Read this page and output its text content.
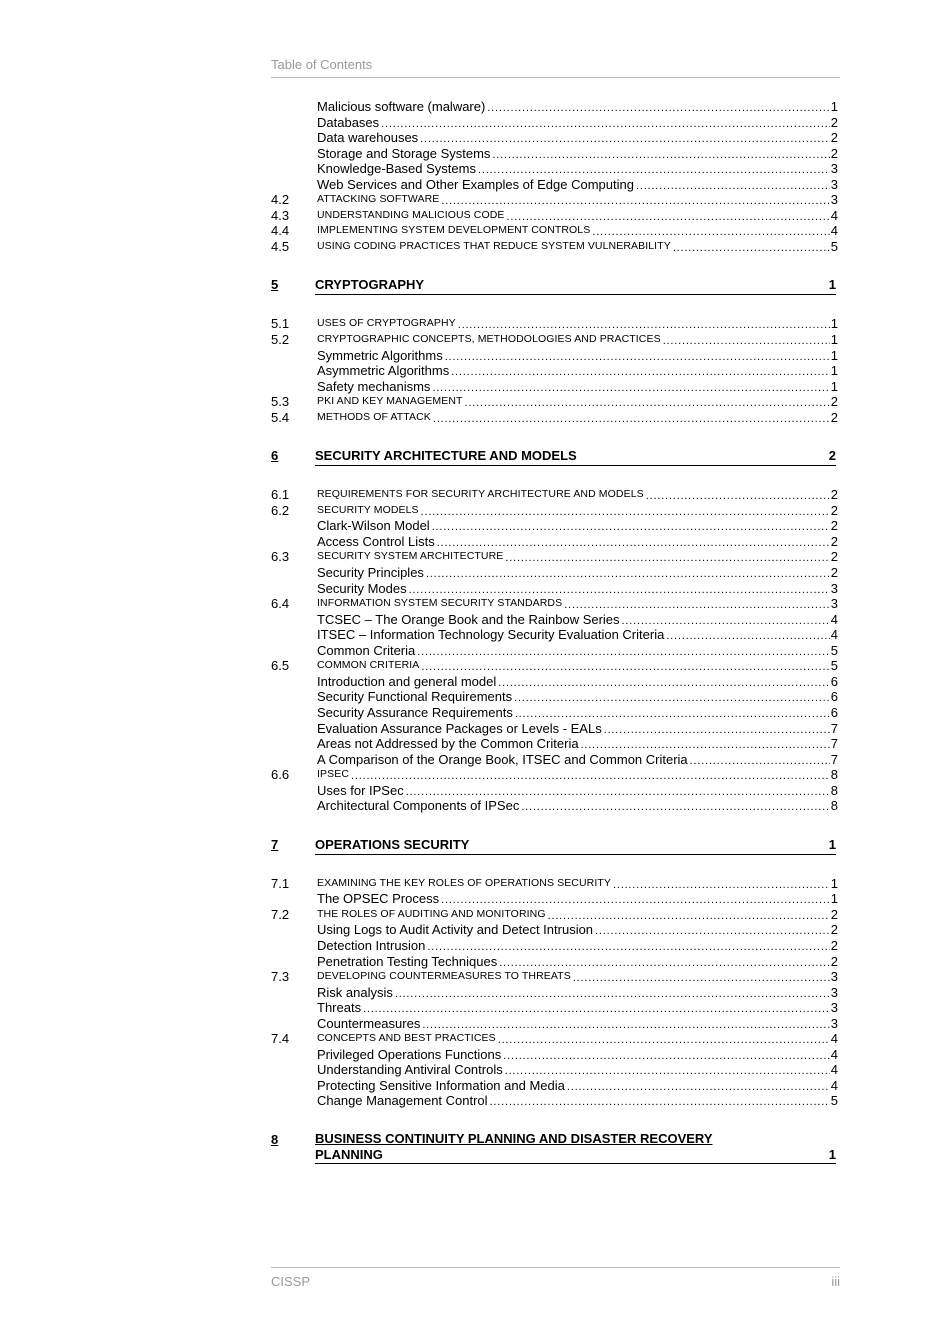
Table of Contents
Malicious software (malware) .....	1
Databases .....	2
Data warehouses .....	2
Storage and Storage Systems .....	2
Knowledge-Based Systems .....	3
Web Services and Other Examples of Edge Computing .....	3
4.2	ATTACKING SOFTWARE .....	3
4.3	UNDERSTANDING MALICIOUS CODE .....	4
4.4	IMPLEMENTING SYSTEM DEVELOPMENT CONTROLS .....	4
4.5	USING CODING PRACTICES THAT REDUCE SYSTEM VULNERABILITY .....	5
5	CRYPTOGRAPHY	1
5.1	USES OF CRYPTOGRAPHY .....	1
5.2	CRYPTOGRAPHIC CONCEPTS, METHODOLOGIES AND PRACTICES .....	1
Symmetric Algorithms .....	1
Asymmetric Algorithms .....	1
Safety mechanisms .....	1
5.3	PKI AND KEY MANAGEMENT .....	2
5.4	METHODS OF ATTACK .....	2
6	SECURITY ARCHITECTURE AND MODELS	2
6.1	REQUIREMENTS FOR SECURITY ARCHITECTURE AND MODELS .....	2
6.2	SECURITY MODELS .....	2
Clark-Wilson Model .....	2
Access Control Lists .....	2
6.3	SECURITY SYSTEM ARCHITECTURE .....	2
Security Principles .....	2
Security Modes .....	3
6.4	INFORMATION SYSTEM SECURITY STANDARDS .....	3
TCSEC – The Orange Book and the Rainbow Series .....	4
ITSEC – Information Technology Security Evaluation Criteria .....	4
Common Criteria .....	5
6.5	COMMON CRITERIA .....	5
Introduction and general model .....	6
Security Functional Requirements .....	6
Security Assurance Requirements .....	6
Evaluation Assurance Packages or Levels - EALs .....	7
Areas not Addressed by the Common Criteria .....	7
A Comparison of the Orange Book, ITSEC and Common Criteria .....	7
6.6	IPSEC .....	8
Uses for IPSec .....	8
Architectural Components of IPSec .....	8
7	OPERATIONS SECURITY	1
7.1	EXAMINING THE KEY ROLES OF OPERATIONS SECURITY .....	1
The OPSEC Process .....	1
7.2	THE ROLES OF AUDITING AND MONITORING .....	2
Using Logs to Audit Activity and Detect Intrusion .....	2
Detection Intrusion .....	2
Penetration Testing Techniques .....	2
7.3	DEVELOPING COUNTERMEASURES TO THREATS .....	3
Risk analysis .....	3
Threats .....	3
Countermeasures .....	3
7.4	CONCEPTS AND BEST PRACTICES .....	4
Privileged Operations Functions .....	4
Understanding Antiviral Controls .....	4
Protecting Sensitive Information and Media .....	4
Change Management Control .....	5
8	BUSINESS CONTINUITY PLANNING AND DISASTER RECOVERY
PLANNING	1
CISSP	iii
